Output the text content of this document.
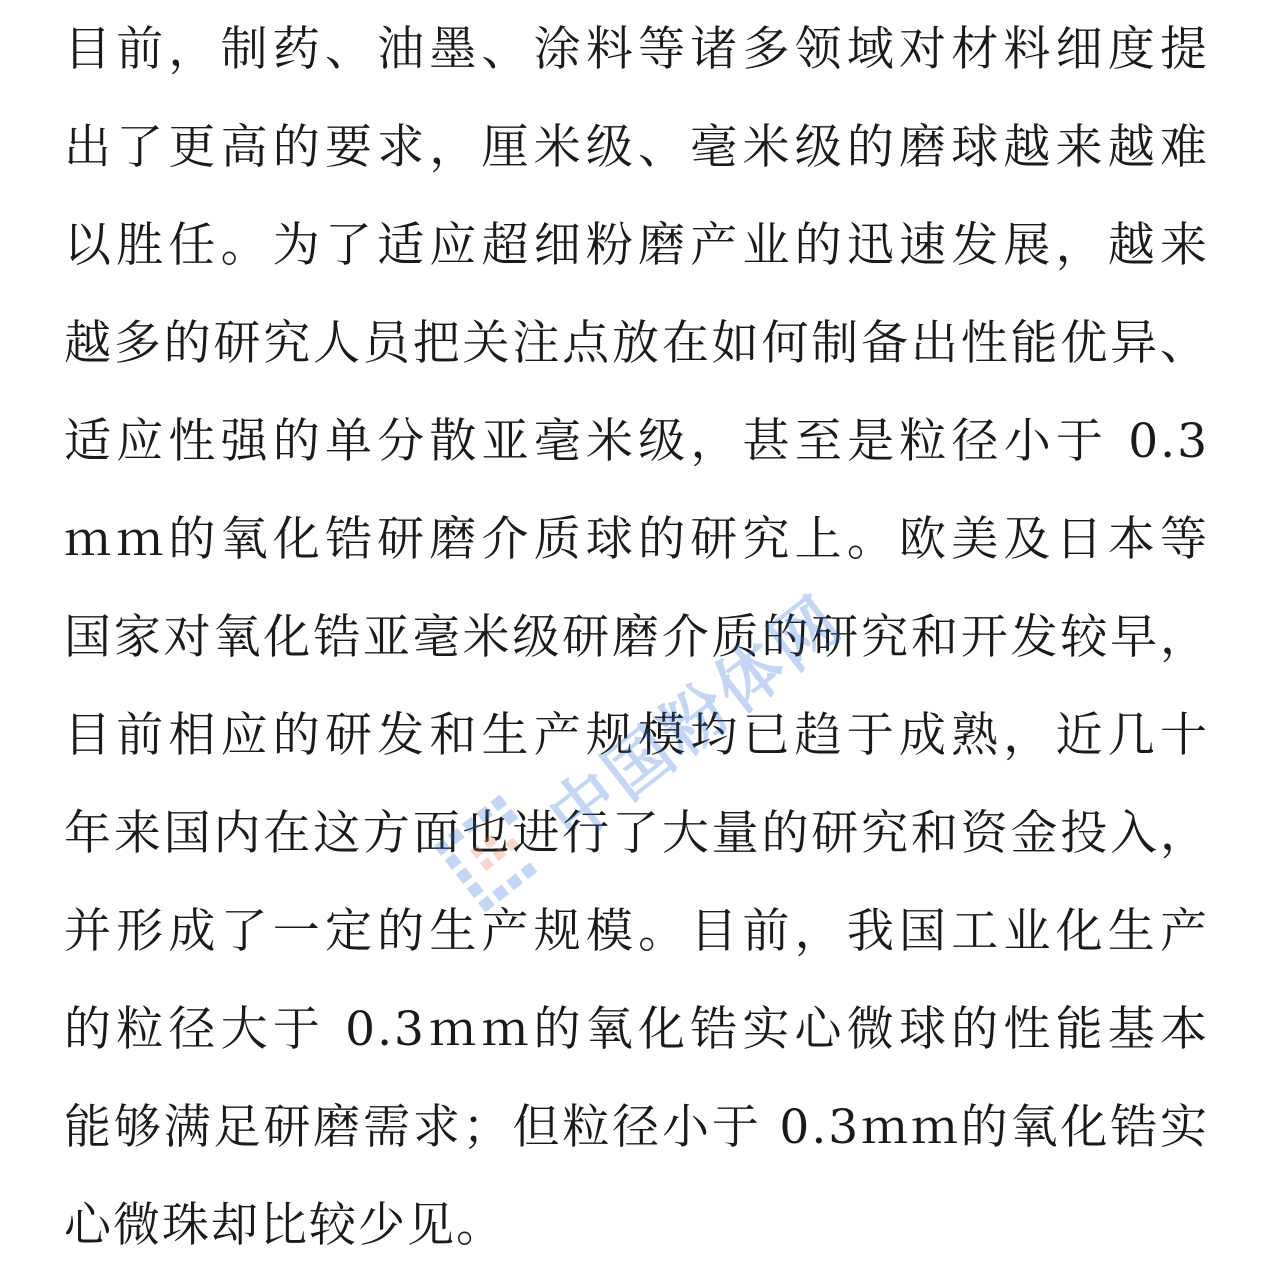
目前，制药、油墨、涂料等诸多领域对材料细度提
出了更高的要求，厘米级、毫米级的磨球越来越难
以胜任。为了适应超细粉磨产业的迅速发展，越来
越多的研究人员把关注点放在如何制备出性能优异、
适应性强的单分散亚毫米级，甚至是粒径小于 0.3
ｍｍ的氧化锆研磨介质球的研究上。欧美及日本等
国家对氧化锆亚毫米级研磨介质的研究和开发较早，
目前相应的研发和生产规模均已趋于成熟，近几十
年来国内在这方面也进行了大量的研究和资金投入，
并形成了一定的生产规模。目前，我国工业化生产
的粒径大于 0.3ｍｍ的氧化锆实心微球的性能基本
能够满足研磨需求；但粒径小于 0.3ｍｍ的氧化锆实
心微珠却比较少见。
中国粉体网
